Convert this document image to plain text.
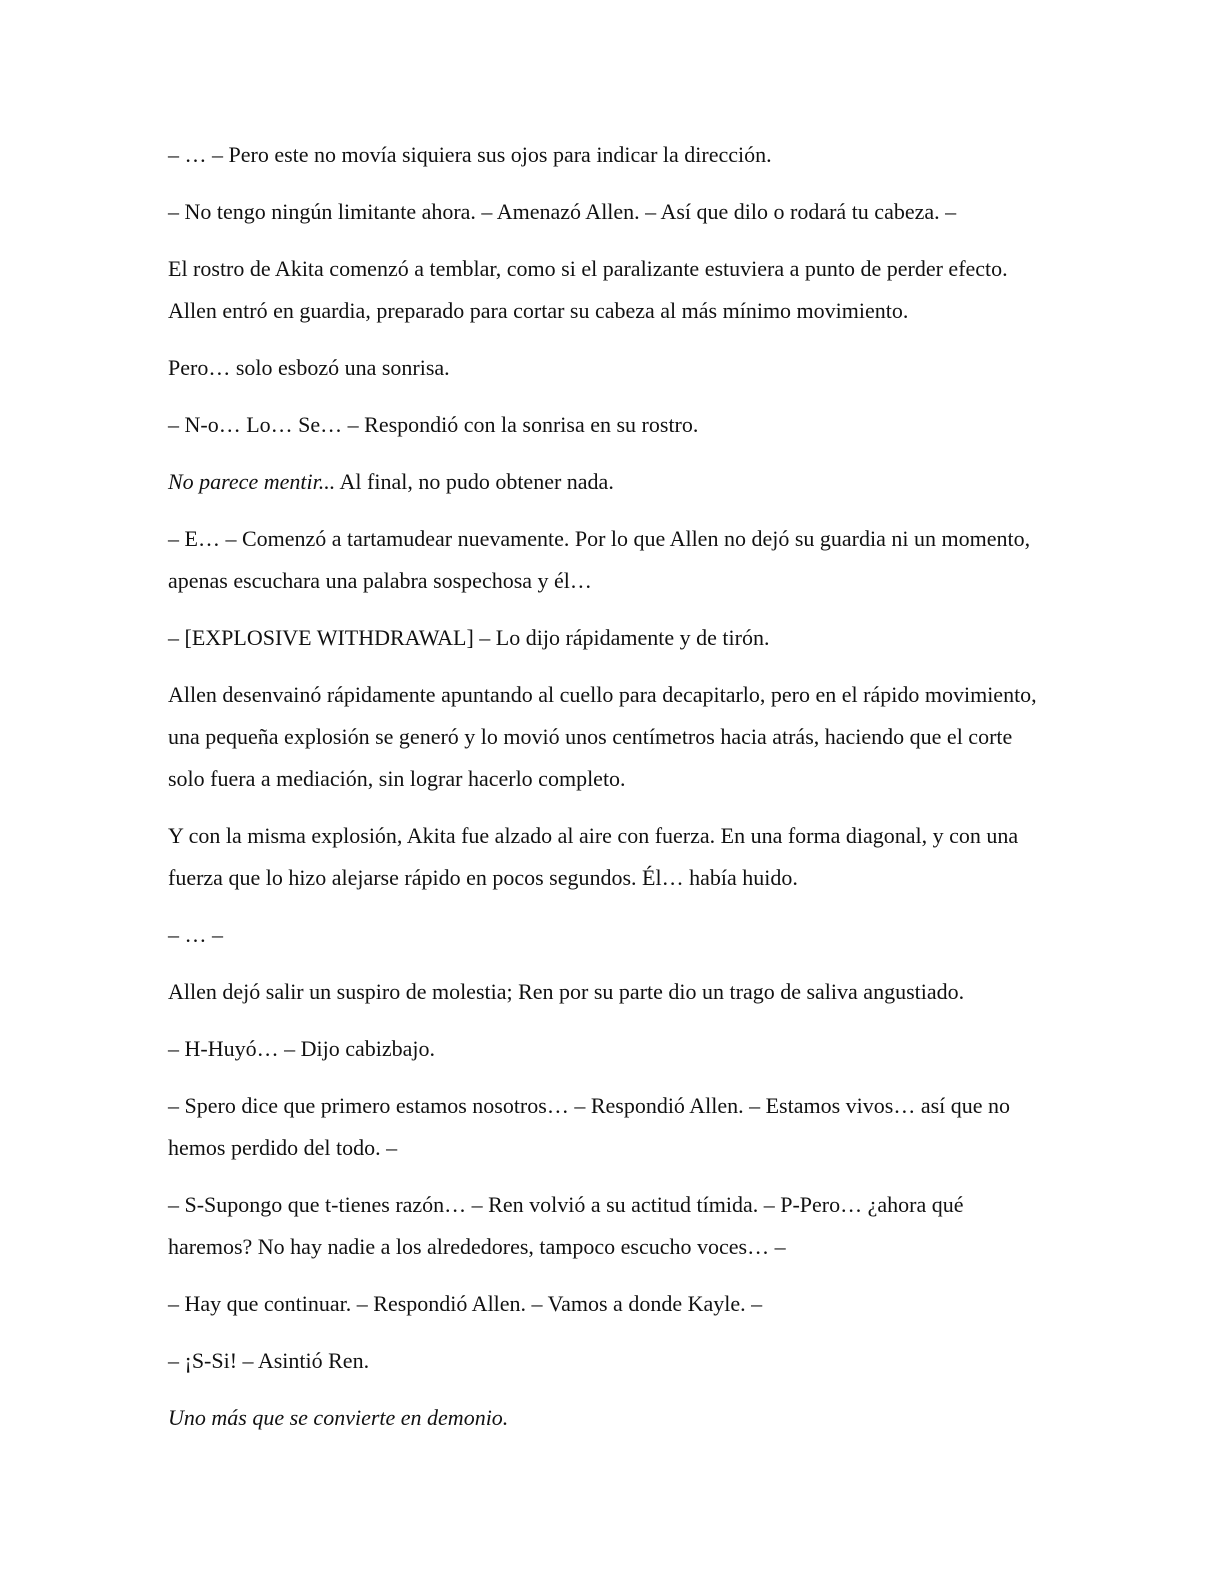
– … – Pero este no movía siquiera sus ojos para indicar la dirección.

– No tengo ningún limitante ahora. – Amenazó Allen. – Así que dilo o rodará tu cabeza. –

El rostro de Akita comenzó a temblar, como si el paralizante estuviera a punto de perder efecto. Allen entró en guardia, preparado para cortar su cabeza al más mínimo movimiento.

Pero… solo esbozó una sonrisa.

– N-o… Lo… Se… – Respondió con la sonrisa en su rostro.

No parece mentir... Al final, no pudo obtener nada.

– E… – Comenzó a tartamudear nuevamente. Por lo que Allen no dejó su guardia ni un momento, apenas escuchara una palabra sospechosa y él…

– [EXPLOSIVE WITHDRAWAL] – Lo dijo rápidamente y de tirón.

Allen desenvainó rápidamente apuntando al cuello para decapitarlo, pero en el rápido movimiento, una pequeña explosión se generó y lo movió unos centímetros hacia atrás, haciendo que el corte solo fuera a mediación, sin lograr hacerlo completo.

Y con la misma explosión, Akita fue alzado al aire con fuerza. En una forma diagonal, y con una fuerza que lo hizo alejarse rápido en pocos segundos. Él… había huido.

– … –

Allen dejó salir un suspiro de molestia; Ren por su parte dio un trago de saliva angustiado.

– H-Huyó… – Dijo cabizbajo.

– Spero dice que primero estamos nosotros… – Respondió Allen. – Estamos vivos… así que no hemos perdido del todo. –

– S-Supongo que t-tienes razón… – Ren volvió a su actitud tímida. – P-Pero… ¿ahora qué haremos? No hay nadie a los alrededores, tampoco escucho voces… –

– Hay que continuar. – Respondió Allen. – Vamos a donde Kayle. –

– ¡S-Si! – Asintió Ren.

Uno más que se convierte en demonio.
